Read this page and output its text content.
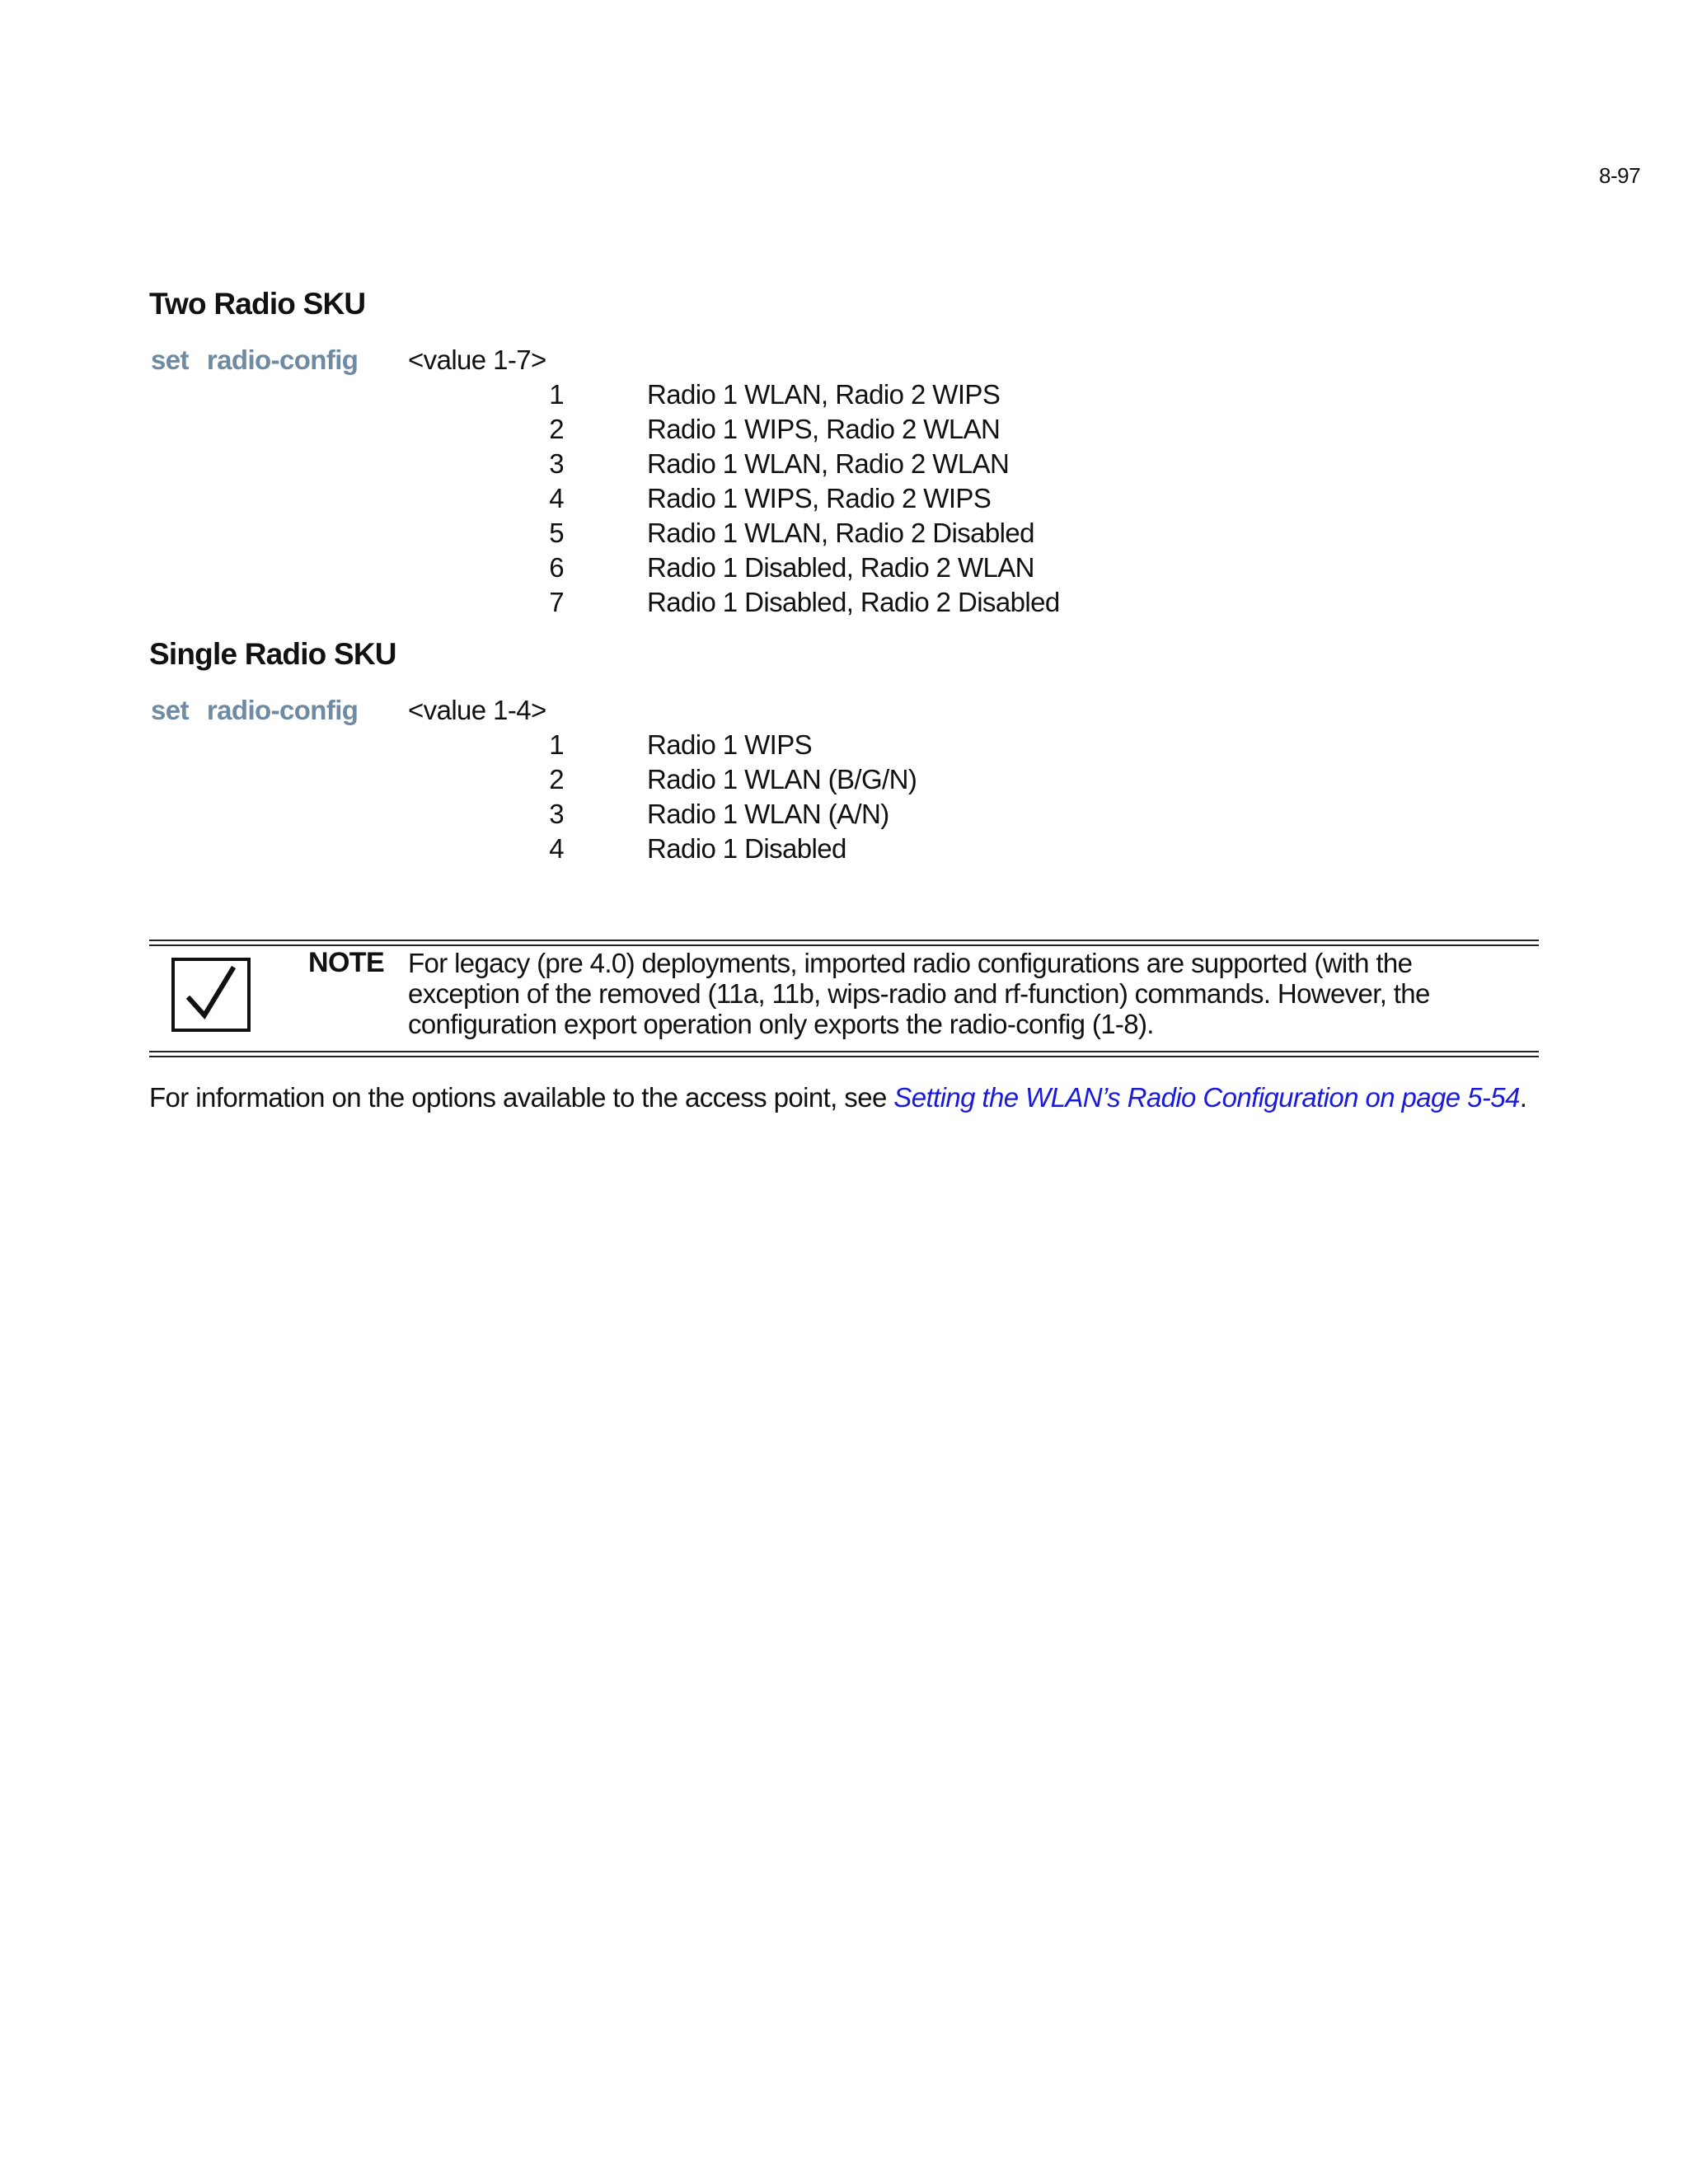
8-97
Two Radio SKU
set radio-config <value 1-7>
1	Radio 1 WLAN, Radio 2 WIPS
2	Radio 1 WIPS, Radio 2 WLAN
3	Radio 1 WLAN, Radio 2 WLAN
4	Radio 1 WIPS, Radio 2 WIPS
5	Radio 1 WLAN, Radio 2 Disabled
6	Radio 1 Disabled, Radio 2 WLAN
7	Radio 1 Disabled, Radio 2 Disabled
Single Radio SKU
set radio-config <value 1-4>
1	Radio 1 WIPS
2	Radio 1 WLAN (B/G/N)
3	Radio 1 WLAN (A/N)
4	Radio 1 Disabled
NOTE For legacy (pre 4.0) deployments, imported radio configurations are supported (with the exception of the removed (11a, 11b, wips-radio and rf-function) commands. However, the configuration export operation only exports the radio-config (1-8).
For information on the options available to the access point, see Setting the WLAN’s Radio Configuration on page 5-54.
